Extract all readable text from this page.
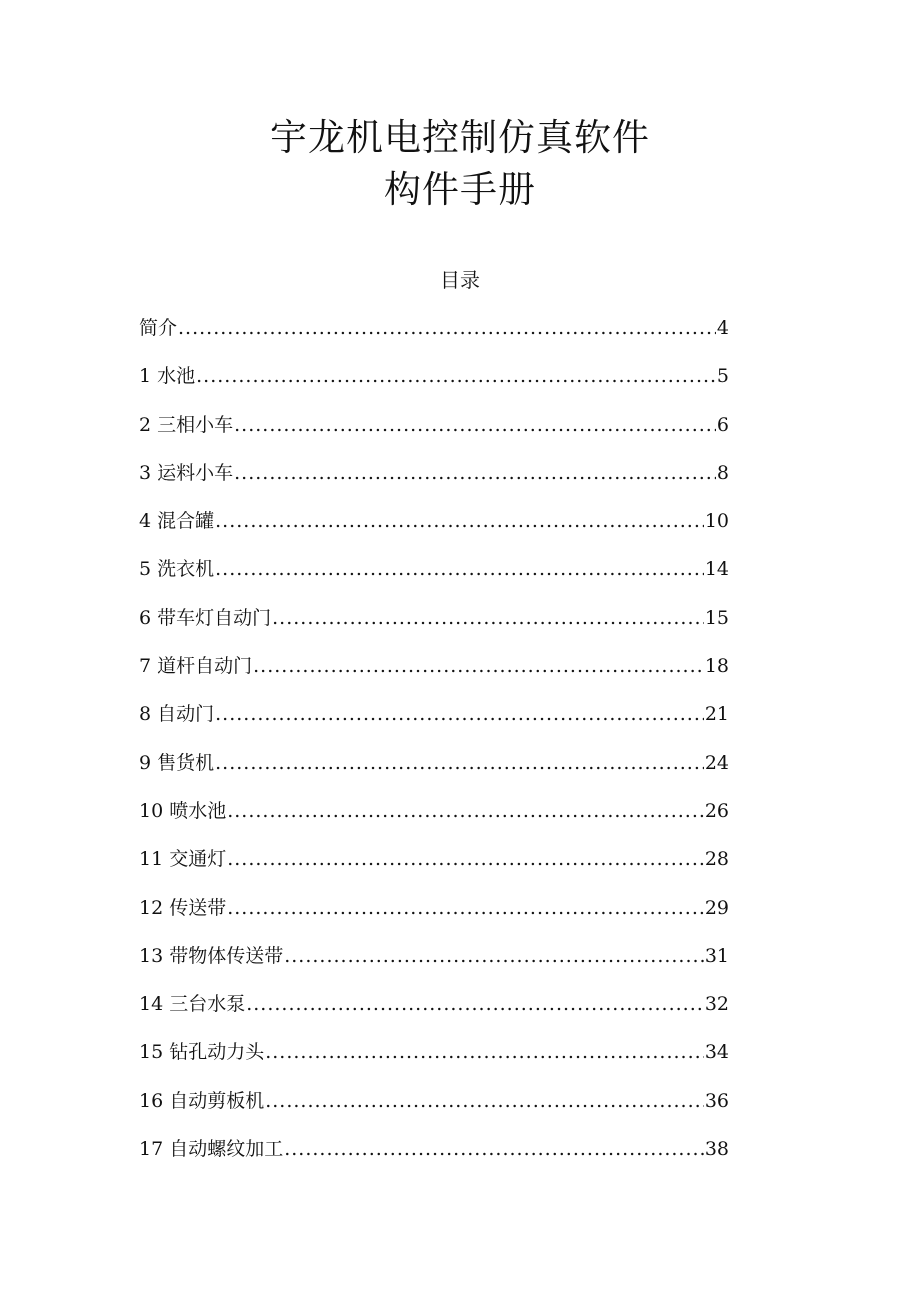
宇龙机电控制仿真软件
构件手册
目录
简介 .....	4
1 水池 .....	5
2 三相小车 .....	6
3 运料小车 .....	8
4 混合罐 .....	10
5 洗衣机 .....	14
6 带车灯自动门 .....	15
7 道杆自动门 .....	18
8 自动门 .....	21
9 售货机 .....	24
10 喷水池 .....	26
11 交通灯 .....	28
12 传送带 .....	29
13 带物体传送带 .....	31
14 三台水泵 .....	32
15 钻孔动力头 .....	34
16 自动剪板机 .....	36
17 自动螺纹加工 .....	38
